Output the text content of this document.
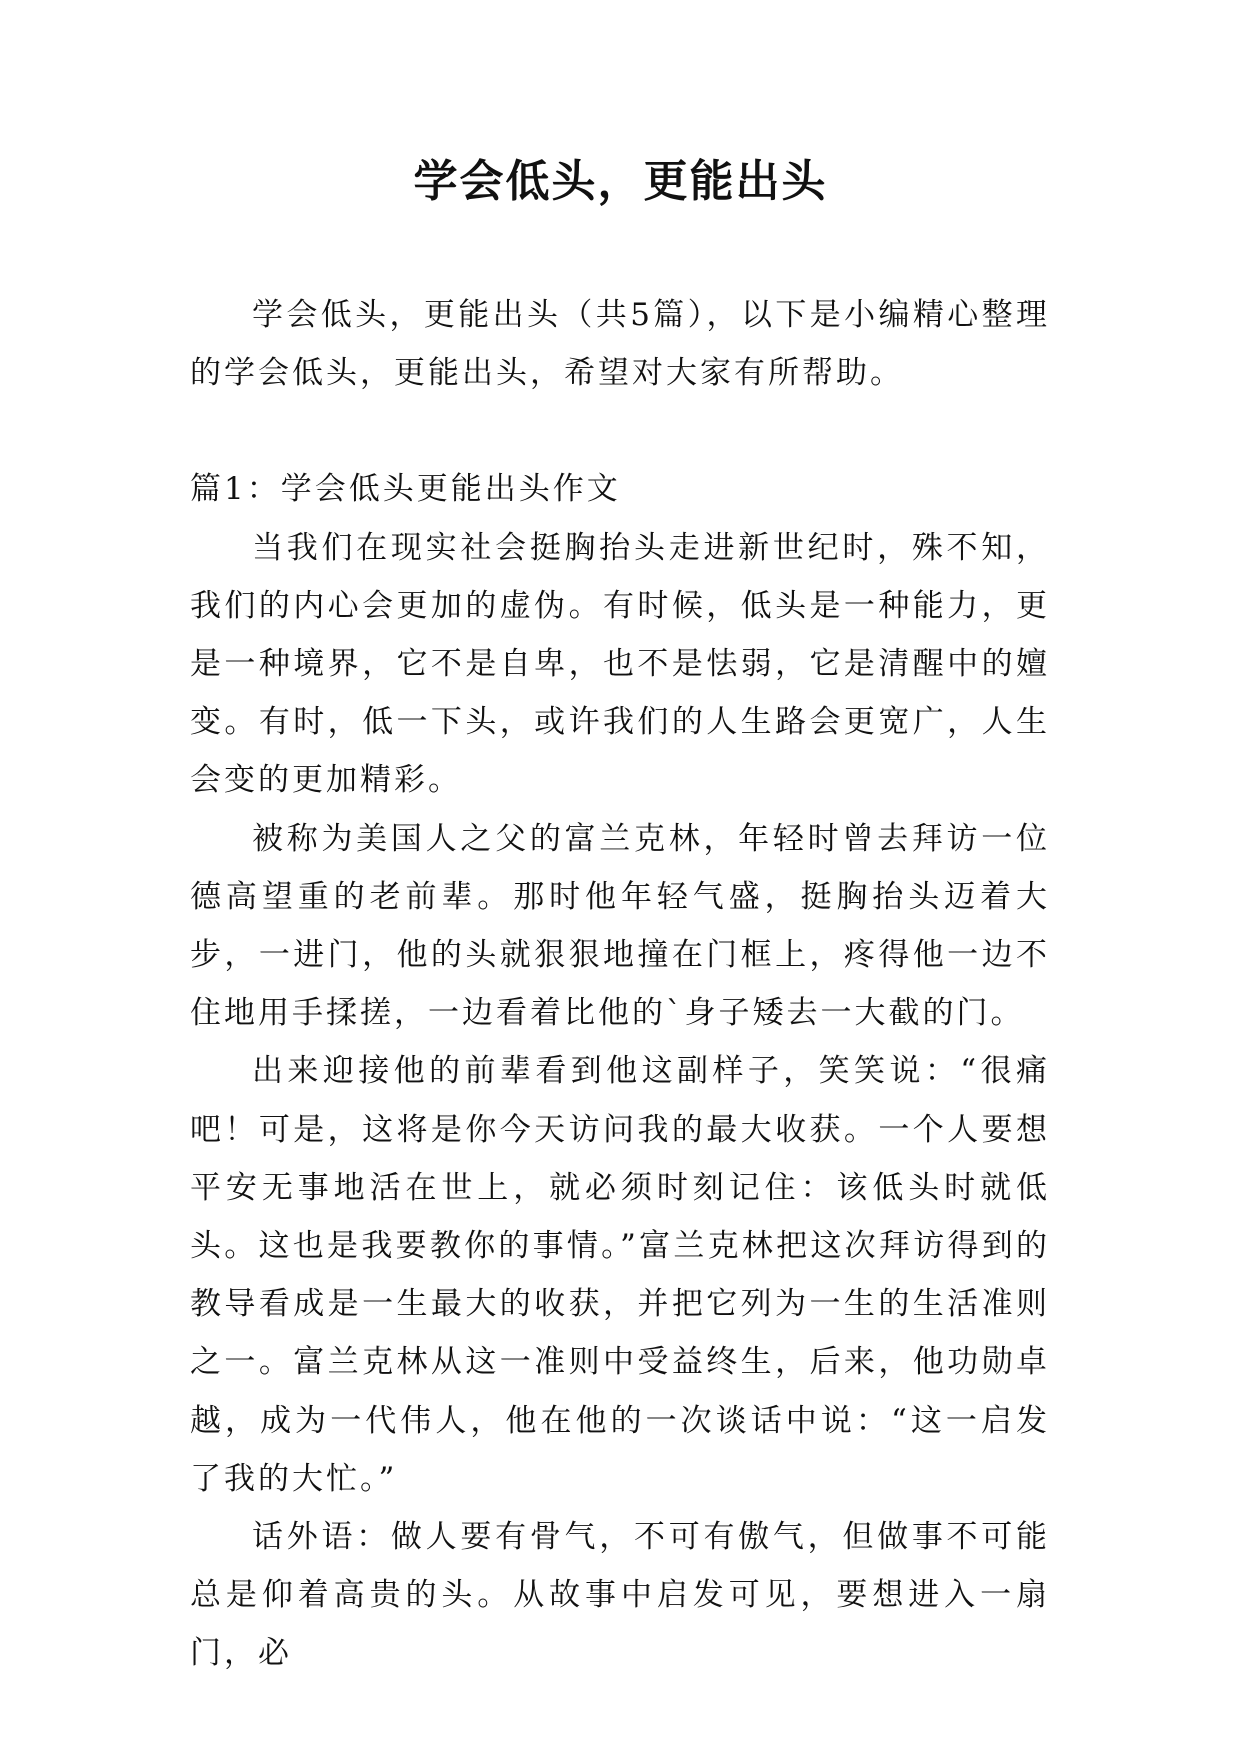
学会低头，更能出头

学会低头，更能出头（共5篇），以下是小编精心整理的学会低头，更能出头，希望对大家有所帮助。

篇1：学会低头更能出头作文

当我们在现实社会挺胸抬头走进新世纪时，殊不知，我们的内心会更加的虚伪。有时候，低头是一种能力，更是一种境界，它不是自卑，也不是怯弱，它是清醒中的嬗变。有时，低一下头，或许我们的人生路会更宽广，人生会变的更加精彩。

被称为美国人之父的富兰克林，年轻时曾去拜访一位德高望重的老前辈。那时他年轻气盛，挺胸抬头迈着大步，一进门，他的头就狠狠地撞在门框上，疼得他一边不住地用手揉搓，一边看着比他的`身子矮去一大截的门。

出来迎接他的前辈看到他这副样子，笑笑说：“很痛吧！可是，这将是你今天访问我的最大收获。一个人要想平安无事地活在世上，就必须时刻记住：该低头时就低头。这也是我要教你的事情。”富兰克林把这次拜访得到的教导看成是一生最大的收获，并把它列为一生的生活准则之一。富兰克林从这一准则中受益终生，后来，他功勋卓越，成为一代伟人，他在他的一次谈话中说：“这一启发了我的大忙。”

话外语：做人要有骨气，不可有傲气，但做事不可能总是仰着高贵的头。从故事中启发可见，要想进入一扇门，必
